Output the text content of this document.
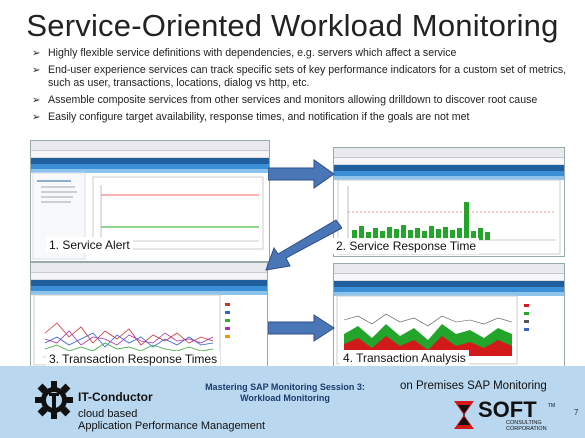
Service-Oriented Workload Monitoring
➢ Highly flexible service definitions with dependencies, e.g. servers which affect a service
➢ End-user experience services can track specific sets of key performance indicators for a custom set of metrics, such as user, transactions, locations, dialog vs http, etc.
➢ Assemble composite services from other services and monitors allowing drilldown to discover root cause
➢ Easily configure target availability, response times, and notification if the goals are not met
1. Service Alert	2. Service Response Time
3. Transaction Response Times	4. Transaction Analysis
IT-Conductor
cloud based
Application Performance Management
Mastering SAP Monitoring Session 3:
Workload Monitoring
on Premises SAP Monitoring
SOFT TM
CONSULTING
CORPORATION
7
